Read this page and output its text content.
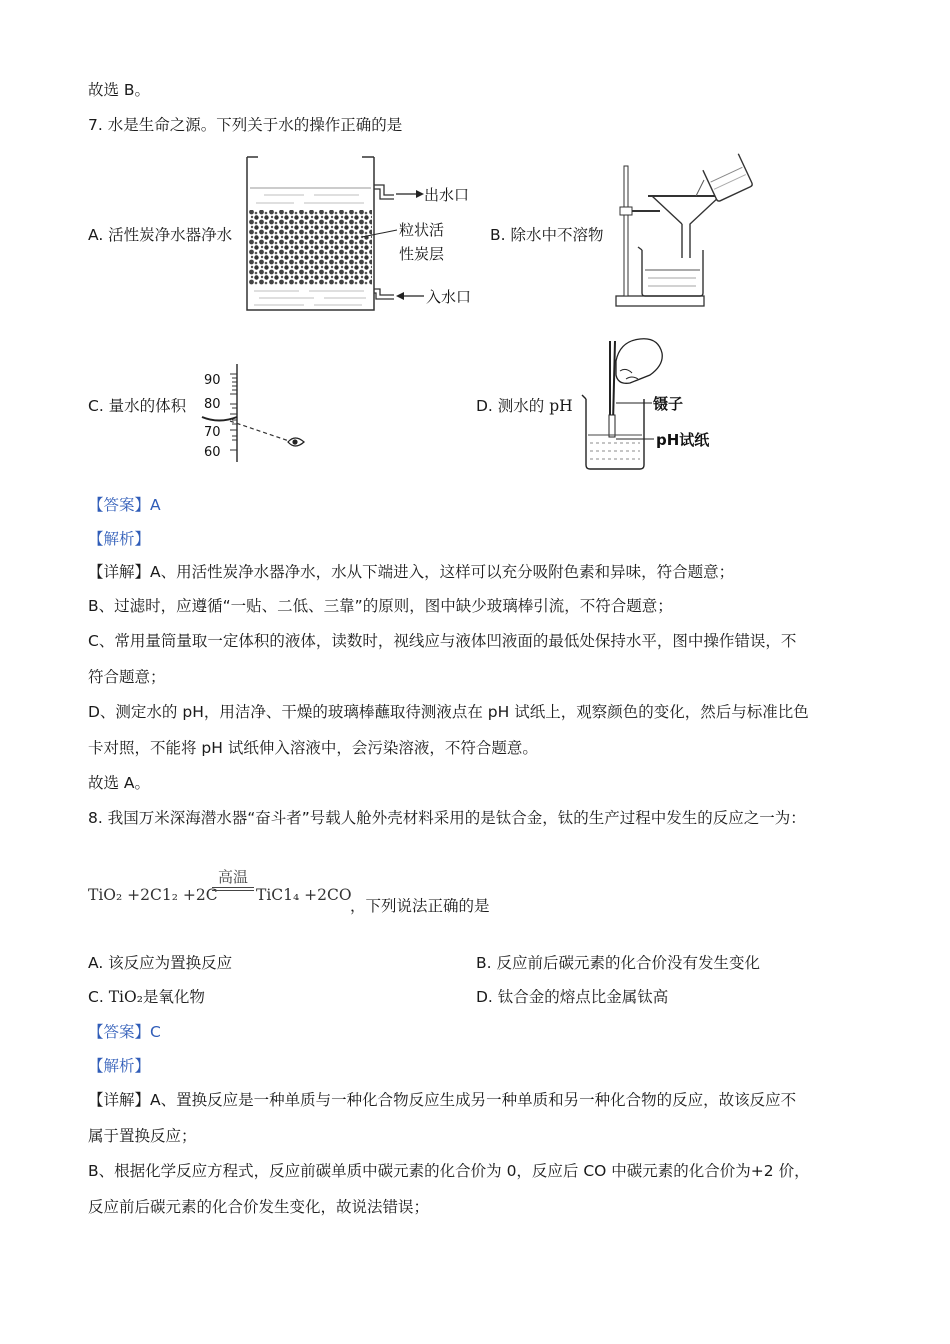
故选 B。
7. 水是生命之源。下列关于水的操作正确的是
A. 活性炭净水器净水	B. 除水中不溶物
C. 量水的体积	D. 测水的 pH
出水口
粒状活
性炭层
入水口
90
80
70
60
镊子
pH试纸
【答案】A
【解析】
【详解】A、用活性炭净水器净水，水从下端进入，这样可以充分吸附色素和异味，符合题意；
B、过滤时，应遵循“一贴、二低、三靠”的原则，图中缺少玻璃棒引流，不符合题意；
C、常用量筒量取一定体积的液体，读数时，视线应与液体凹液面的最低处保持水平，图中操作错误，不
符合题意；
D、测定水的 pH，用洁净、干燥的玻璃棒蘸取待测液点在 pH 试纸上，观察颜色的变化，然后与标准比色
卡对照，不能将 pH 试纸伸入溶液中，会污染溶液，不符合题意。
故选 A。
8. 我国万米深海潜水器“奋斗者”号载人舱外壳材料采用的是钛合金，钛的生产过程中发生的反应之一为：
TiO₂ +2C1₂ +2C
高温
TiC1₄ +2CO
，下列说法正确的是
A. 该反应为置换反应	B. 反应前后碳元素的化合价没有发生变化
C. TiO₂是氧化物	D. 钛合金的熔点比金属钛高
【答案】C
【解析】
【详解】A、置换反应是一种单质与一种化合物反应生成另一种单质和另一种化合物的反应，故该反应不
属于置换反应；
B、根据化学反应方程式，反应前碳单质中碳元素的化合价为 0，反应后 CO 中碳元素的化合价为+2 价，
反应前后碳元素的化合价发生变化，故说法错误；
